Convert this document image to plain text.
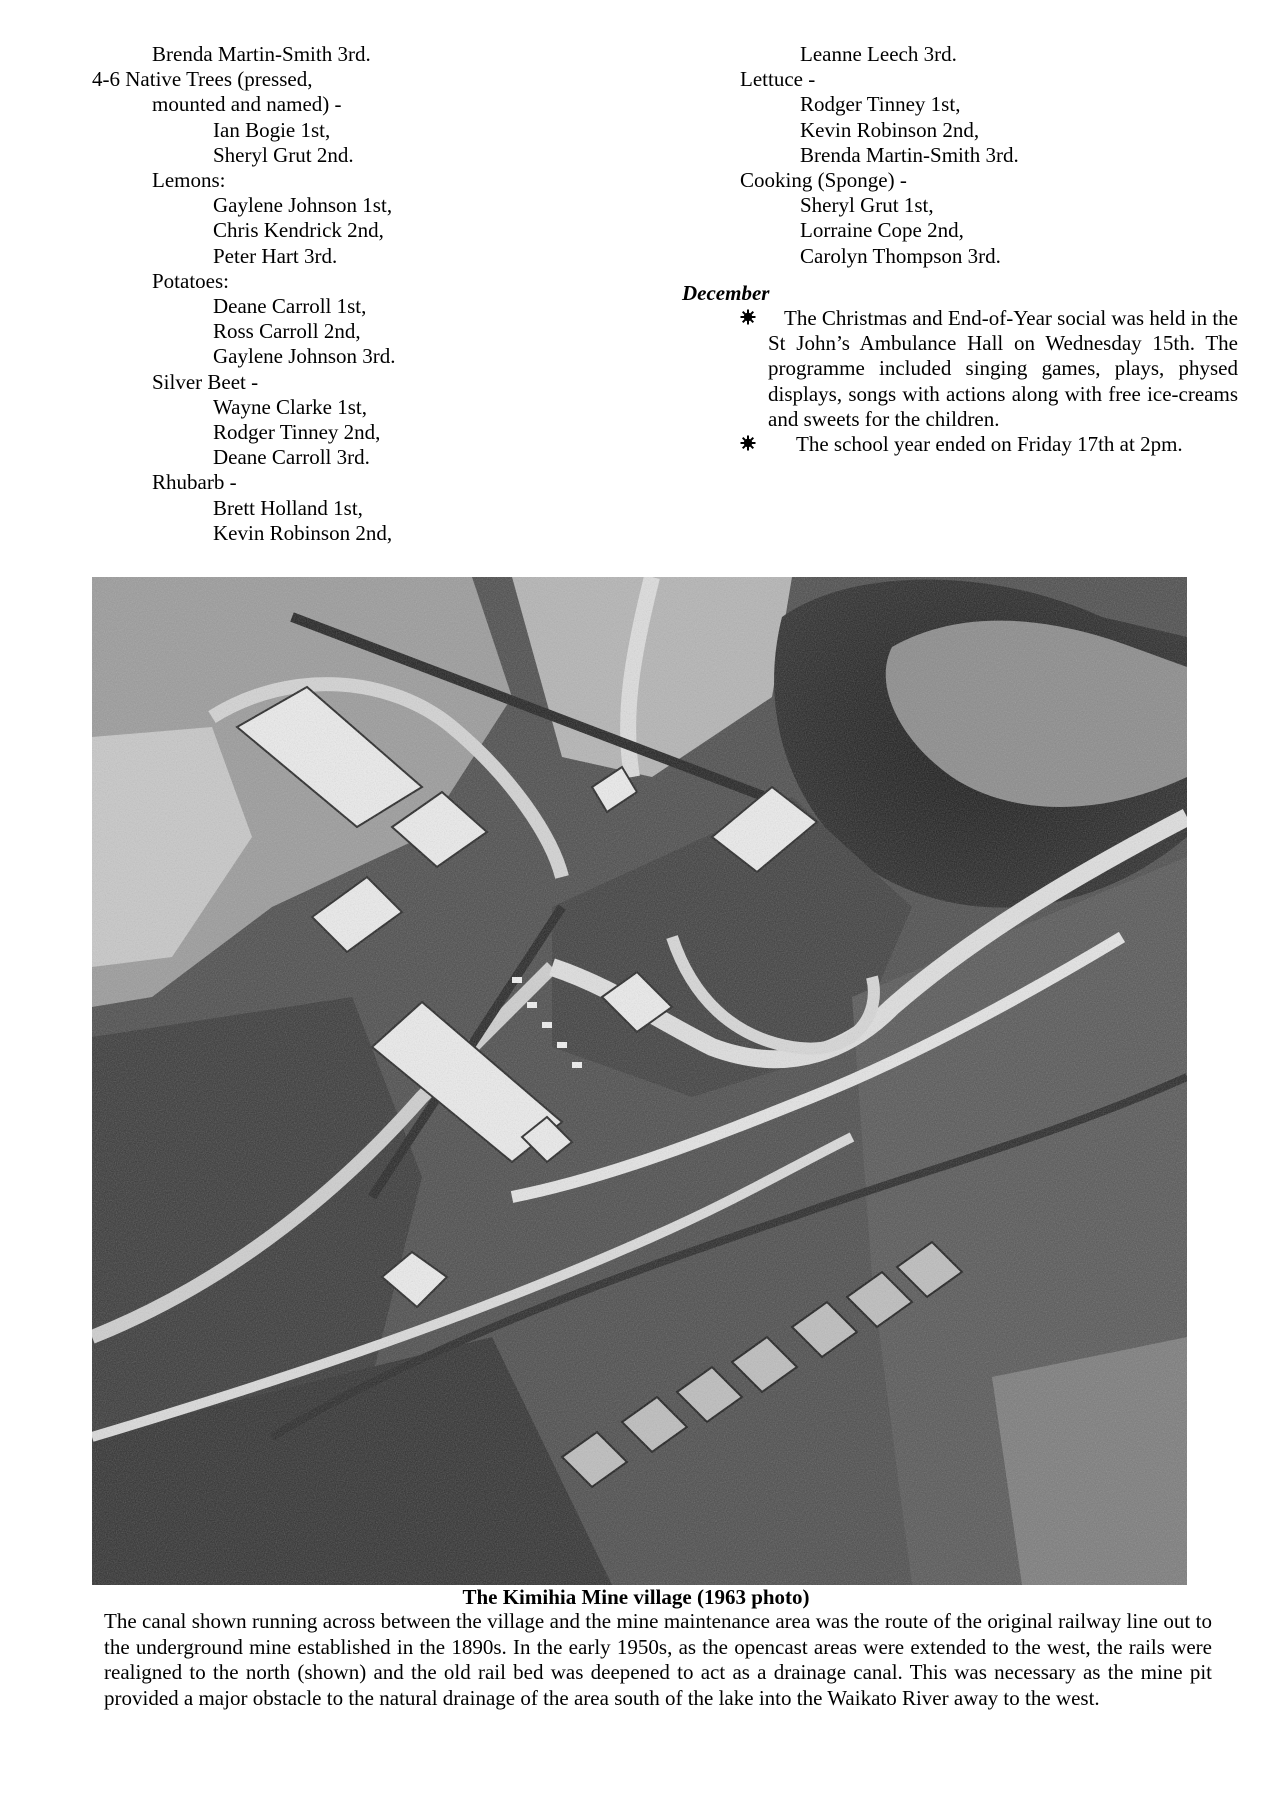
Brenda Martin-Smith 3rd.
4-6 Native Trees (pressed,
mounted and named) -
Ian Bogie 1st,
Sheryl Grut 2nd.
Lemons:
Gaylene Johnson 1st,
Chris Kendrick 2nd,
Peter Hart 3rd.
Potatoes:
Deane Carroll 1st,
Ross Carroll 2nd,
Gaylene Johnson 3rd.
Silver Beet -
Wayne Clarke 1st,
Rodger Tinney 2nd,
Deane Carroll 3rd.
Rhubarb -
Brett Holland 1st,
Kevin Robinson 2nd,
Leanne Leech 3rd.
Lettuce -
Rodger Tinney 1st,
Kevin Robinson 2nd,
Brenda Martin-Smith 3rd.
Cooking (Sponge) -
Sheryl Grut 1st,
Lorraine Cope 2nd,
Carolyn Thompson 3rd.
December

The Christmas and End-of-Year social was held in the St John’s Ambulance Hall on Wednesday 15th. The programme included singing games, plays, physed displays, songs with actions along with free ice-creams and sweets for the children.

The school year ended on Friday 17th at 2pm.

The Kimihia Mine village (1963 photo)
The canal shown running across between the village and the mine maintenance area was the route of the original railway line out to the underground mine established in the 1890s. In the early 1950s, as the opencast areas were extended to the west, the rails were realigned to the north (shown) and the old rail bed was deepened to act as a drainage canal. This was necessary as the mine pit provided a major obstacle to the natural drainage of the area south of the lake into the Waikato River away to the west.
